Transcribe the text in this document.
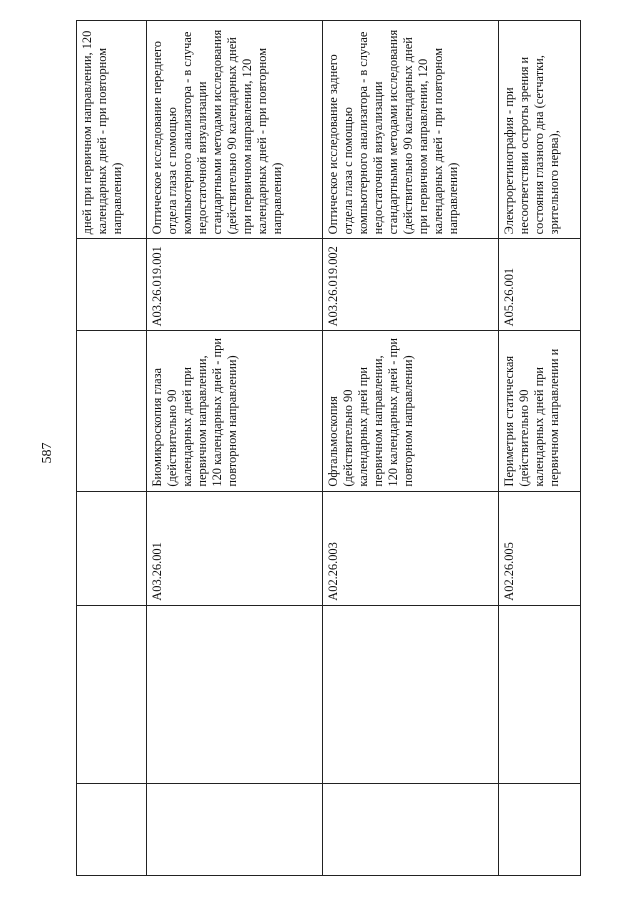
587
					дней при первичном направлении, 120 календарных дней - при повторном направлении)
		A03.26.001	Биомикроскопия глаза (действительно 90 календарных дней при первичном направлении, 120 календарных дней - при повторном направлении)	A03.26.019.001	Оптическое исследование переднего отдела глаза с помощью компьютерного анализатора - в случае недостаточной визуализации стандартными методами исследования (действительно 90 календарных дней при первичном направлении, 120 календарных дней - при повторном направлении)
		A02.26.003	Офтальмоскопия (действительно 90 календарных дней при первичном направлении, 120 календарных дней - при повторном направлении)	A03.26.019.002	Оптическое исследование заднего отдела глаза с помощью компьютерного анализатора - в случае недостаточной визуализации стандартными методами исследования (действительно 90 календарных дней при первичном направлении, 120 календарных дней - при повторном направлении)
		A02.26.005	Периметрия статическая (действительно 90 календарных дней при первичном направлении и	A05.26.001	Электроретинография - при несоответствии остроты зрения и состояния глазного дна (сетчатки, зрительного нерва),
